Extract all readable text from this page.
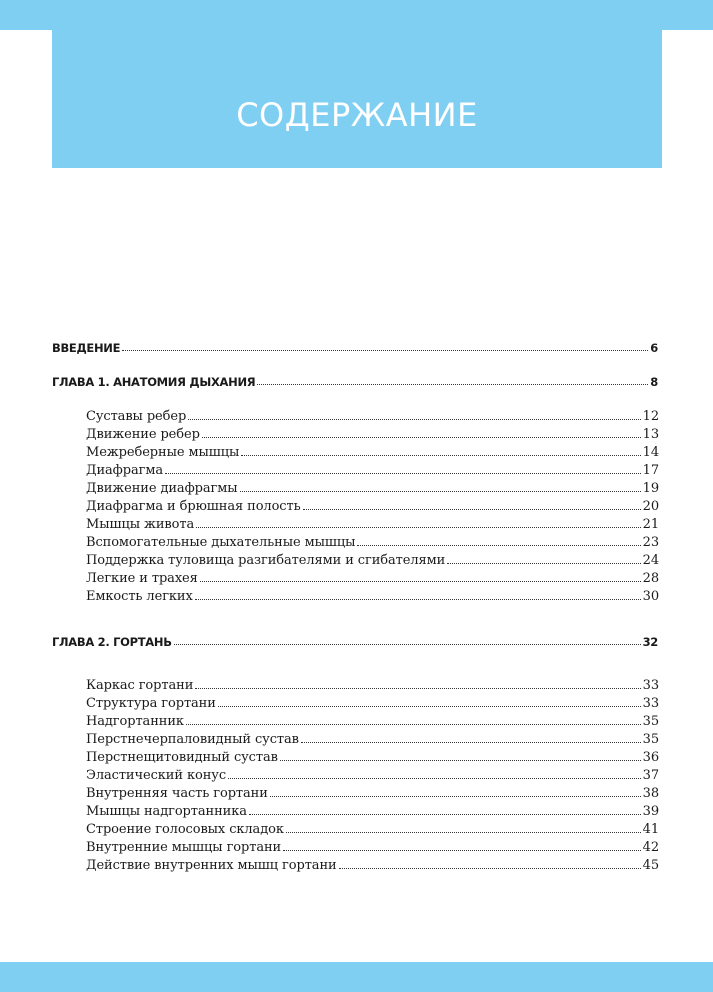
СОДЕРЖАНИЕ
ВВЕДЕНИЕ	6
ГЛАВА 1. АНАТОМИЯ ДЫХАНИЯ	8
Суставы ребер	12
Движение ребер	13
Межреберные мышцы	14
Диафрагма	17
Движение диафрагмы	19
Диафрагма и брюшная полость	20
Мышцы живота	21
Вспомогательные дыхательные мышцы	23
Поддержка туловища разгибателями и сгибателями	24
Легкие и трахея	28
Емкость легких	30
ГЛАВА 2. ГОРТАНЬ	32
Каркас гортани	33
Структура гортани	33
Надгортанник	35
Перстнечерпаловидный сустав	35
Перстнещитовидный сустав	36
Эластический конус	37
Внутренняя часть гортани	38
Мышцы надгортанника	39
Строение голосовых складок	41
Внутренние мышцы гортани	42
Действие внутренних мышц гортани	45
